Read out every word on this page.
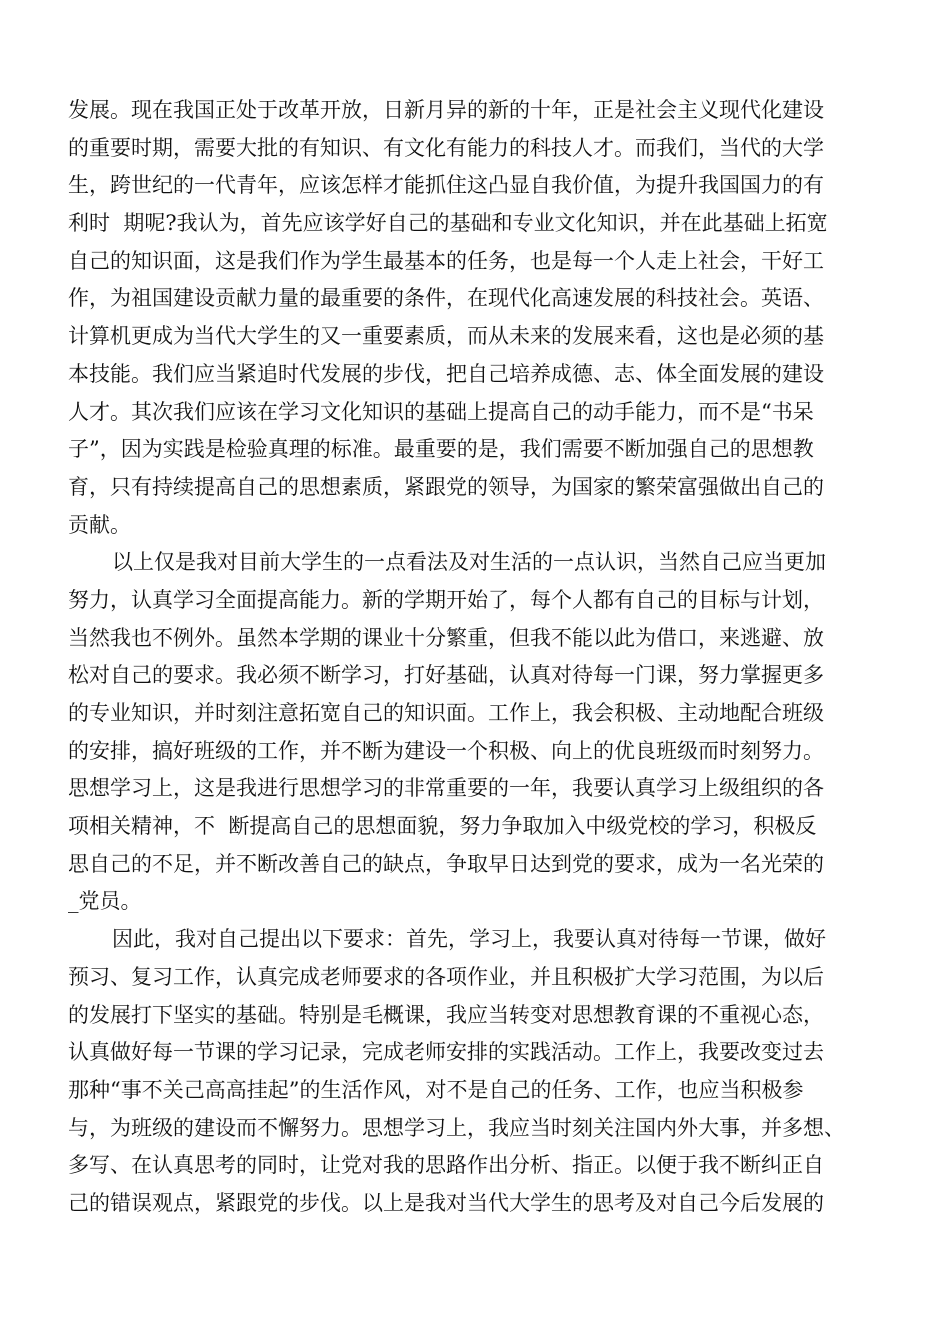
发展。现在我国正处于改革开放，日新月异的新的十年，正是社会主义现代化建设
的重要时期，需要大批的有知识、有文化有能力的科技人才。而我们，当代的大学
生，跨世纪的一代青年，应该怎样才能抓住这凸显自我价值，为提升我国国力的有
利时  期呢?我认为，首先应该学好自己的基础和专业文化知识，并在此基础上拓宽
自己的知识面，这是我们作为学生最基本的任务，也是每一个人走上社会，干好工
作，为祖国建设贡献力量的最重要的条件，在现代化高速发展的科技社会。英语、
计算机更成为当代大学生的又一重要素质，而从未来的发展来看，这也是必须的基
本技能。我们应当紧追时代发展的步伐，把自己培养成德、志、体全面发展的建设
人才。其次我们应该在学习文化知识的基础上提高自己的动手能力，而不是“书呆
子”，因为实践是检验真理的标准。最重要的是，我们需要不断加强自己的思想教
育，只有持续提高自己的思想素质，紧跟党的领导，为国家的繁荣富强做出自己的
贡献。
以上仅是我对目前大学生的一点看法及对生活的一点认识，当然自己应当更加
努力，认真学习全面提高能力。新的学期开始了，每个人都有自己的目标与计划，
当然我也不例外。虽然本学期的课业十分繁重，但我不能以此为借口，来逃避、放
松对自己的要求。我必须不断学习，打好基础，认真对待每一门课，努力掌握更多
的专业知识，并时刻注意拓宽自己的知识面。工作上，我会积极、主动地配合班级
的安排，搞好班级的工作，并不断为建设一个积极、向上的优良班级而时刻努力。
思想学习上，这是我进行思想学习的非常重要的一年，我要认真学习上级组织的各
项相关精神，不  断提高自己的思想面貌，努力争取加入中级党校的学习，积极反
思自己的不足，并不断改善自己的缺点，争取早日达到党的要求，成为一名光荣的
_党员。
因此，我对自己提出以下要求：首先，学习上，我要认真对待每一节课，做好
预习、复习工作，认真完成老师要求的各项作业，并且积极扩大学习范围，为以后
的发展打下坚实的基础。特别是毛概课，我应当转变对思想教育课的不重视心态，
认真做好每一节课的学习记录，完成老师安排的实践活动。工作上，我要改变过去
那种“事不关己高高挂起”的生活作风，对不是自己的任务、工作，也应当积极参
与，为班级的建设而不懈努力。思想学习上，我应当时刻关注国内外大事，并多想、
多写、在认真思考的同时，让党对我的思路作出分析、指正。以便于我不断纠正自
己的错误观点，紧跟党的步伐。以上是我对当代大学生的思考及对自己今后发展的
